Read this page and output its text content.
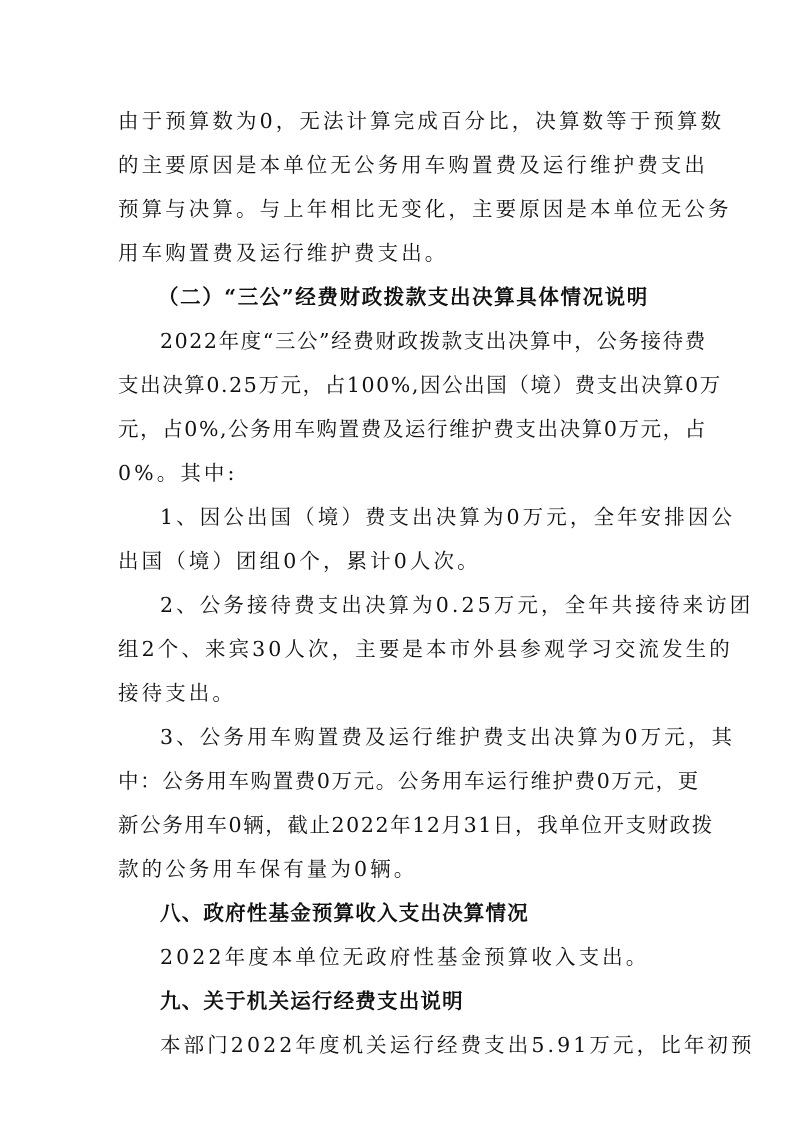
由于预算数为0，无法计算完成百分比，决算数等于预算数
的主要原因是本单位无公务用车购置费及运行维护费支出
预算与决算。与上年相比无变化，主要原因是本单位无公务
用车购置费及运行维护费支出。
（二）“三公”经费财政拨款支出决算具体情况说明
2022年度“三公”经费财政拨款支出决算中，公务接待费
支出决算0.25万元，占100%,因公出国（境）费支出决算0万
元，占0%,公务用车购置费及运行维护费支出决算0万元，占
0%。其中:
1、因公出国（境）费支出决算为0万元，全年安排因公
出国（境）团组0个，累计0人次。
2、公务接待费支出决算为0.25万元，全年共接待来访团
组2个、来宾30人次，主要是本市外县参观学习交流发生的
接待支出。
3、公务用车购置费及运行维护费支出决算为0万元，其
中：公务用车购置费0万元。公务用车运行维护费0万元，更
新公务用车0辆，截止2022年12月31日，我单位开支财政拨
款的公务用车保有量为0辆。
八、政府性基金预算收入支出决算情况
2022年度本单位无政府性基金预算收入支出。
九、关于机关运行经费支出说明
本部门2022年度机关运行经费支出5.91万元，比年初预
